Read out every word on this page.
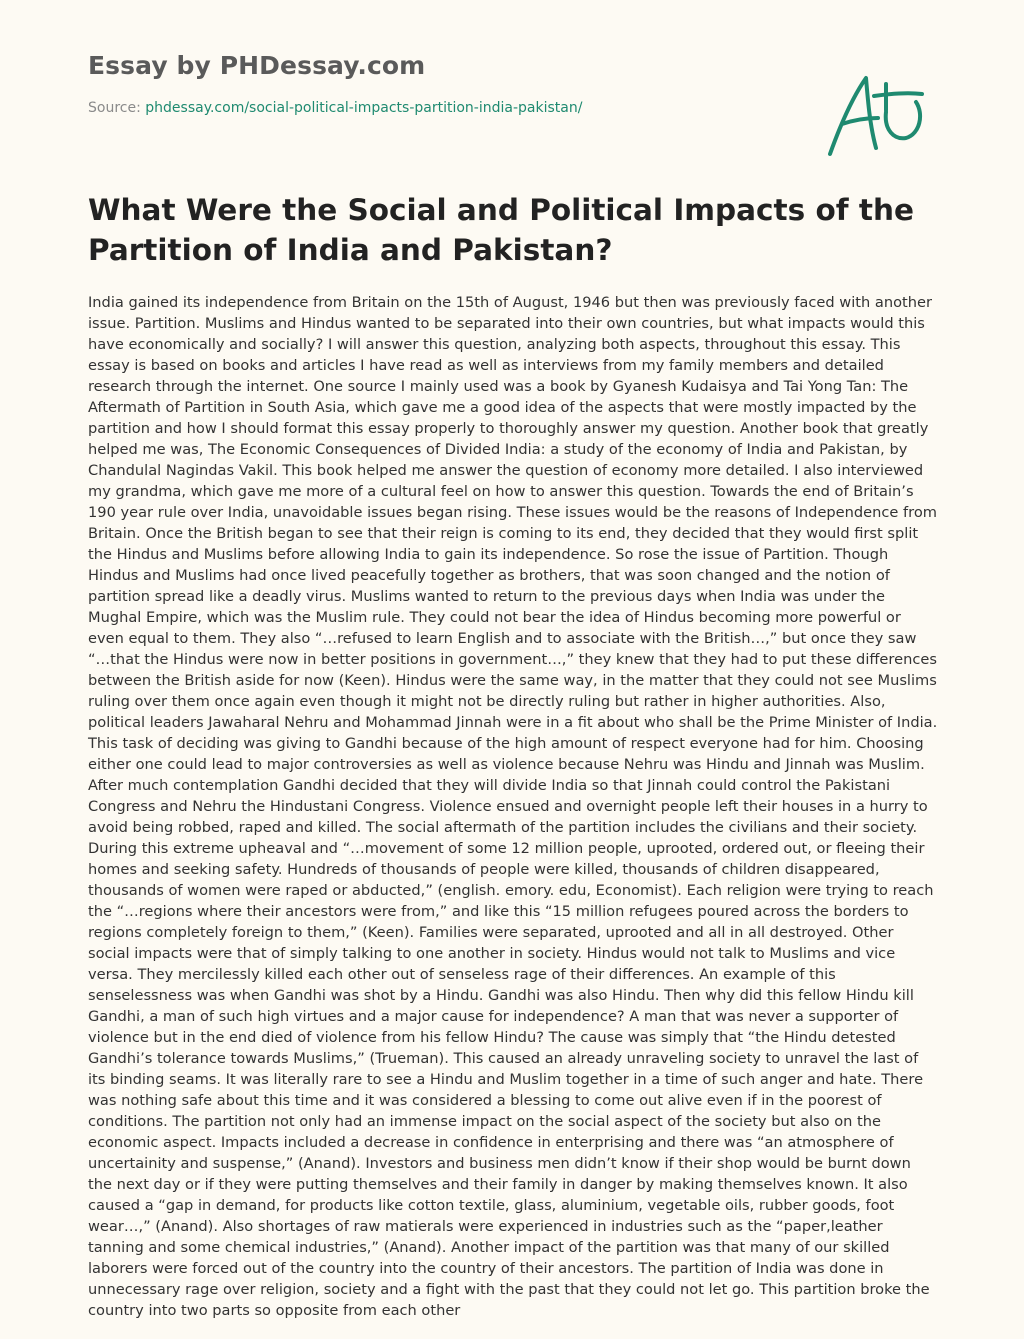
Essay by PHDessay.com
Source: phdessay.com/social-political-impacts-partition-india-pakistan/
What Were the Social and Political Impacts of the Partition of India and Pakistan?

India gained its independence from Britain on the 15th of August, 1946 but then was previously faced with another issue. Partition. Muslims and Hindus wanted to be separated into their own countries, but what impacts would this have economically and socially? I will answer this question, analyzing both aspects, throughout this essay. This essay is based on books and articles I have read as well as interviews from my family members and detailed research through the internet. One source I mainly used was a book by Gyanesh Kudaisya and Tai Yong Tan: The Aftermath of Partition in South Asia, which gave me a good idea of the aspects that were mostly impacted by the partition and how I should format this essay properly to thoroughly answer my question. Another book that greatly helped me was, The Economic Consequences of Divided India: a study of the economy of India and Pakistan, by Chandulal Nagindas Vakil. This book helped me answer the question of economy more detailed. I also interviewed my grandma, which gave me more of a cultural feel on how to answer this question. Towards the end of Britain’s 190 year rule over India, unavoidable issues began rising. These issues would be the reasons of Independence from Britain. Once the British began to see that their reign is coming to its end, they decided that they would first split the Hindus and Muslims before allowing India to gain its independence. So rose the issue of Partition. Though Hindus and Muslims had once lived peacefully together as brothers, that was soon changed and the notion of partition spread like a deadly virus. Muslims wanted to return to the previous days when India was under the Mughal Empire, which was the Muslim rule. They could not bear the idea of Hindus becoming more powerful or even equal to them. They also “…refused to learn English and to associate with the British…,” but once they saw “…that the Hindus were now in better positions in government…,” they knew that they had to put these differences between the British aside for now (Keen). Hindus were the same way, in the matter that they could not see Muslims ruling over them once again even though it might not be directly ruling but rather in higher authorities. Also, political leaders Jawaharal Nehru and Mohammad Jinnah were in a fit about who shall be the Prime Minister of India. This task of deciding was giving to Gandhi because of the high amount of respect everyone had for him. Choosing either one could lead to major controversies as well as violence because Nehru was Hindu and Jinnah was Muslim. After much contemplation Gandhi decided that they will divide India so that Jinnah could control the Pakistani Congress and Nehru the Hindustani Congress. Violence ensued and overnight people left their houses in a hurry to avoid being robbed, raped and killed. The social aftermath of the partition includes the civilians and their society. During this extreme upheaval and “…movement of some 12 million people, uprooted, ordered out, or fleeing their homes and seeking safety. Hundreds of thousands of people were killed, thousands of children disappeared, thousands of women were raped or abducted,” (english. emory. edu, Economist). Each religion were trying to reach the “…regions where their ancestors were from,” and like this “15 million refugees poured across the borders to regions completely foreign to them,” (Keen). Families were separated, uprooted and all in all destroyed. Other social impacts were that of simply talking to one another in society. Hindus would not talk to Muslims and vice versa. They mercilessly killed each other out of senseless rage of their differences. An example of this senselessness was when Gandhi was shot by a Hindu. Gandhi was also Hindu. Then why did this fellow Hindu kill Gandhi, a man of such high virtues and a major cause for independence? A man that was never a supporter of violence but in the end died of violence from his fellow Hindu? The cause was simply that “the Hindu detested Gandhi’s tolerance towards Muslims,” (Trueman). This caused an already unraveling society to unravel the last of its binding seams. It was literally rare to see a Hindu and Muslim together in a time of such anger and hate. There was nothing safe about this time and it was considered a blessing to come out alive even if in the poorest of conditions. The partition not only had an immense impact on the social aspect of the society but also on the economic aspect. Impacts included a decrease in confidence in enterprising and there was “an atmosphere of uncertainity and suspense,” (Anand). Investors and business men didn’t know if their shop would be burnt down the next day or if they were putting themselves and their family in danger by making themselves known. It also caused a “gap in demand, for products like cotton textile, glass, aluminium, vegetable oils, rubber goods, foot wear…,” (Anand). Also shortages of raw matierals were experienced in industries such as the “paper,leather tanning and some chemical industries,” (Anand). Another impact of the partition was that many of our skilled laborers were forced out of the country into the country of their ancestors. The partition of India was done in unnecessary rage over religion, society and a fight with the past that they could not let go. This partition broke the country into two parts so opposite from each other
